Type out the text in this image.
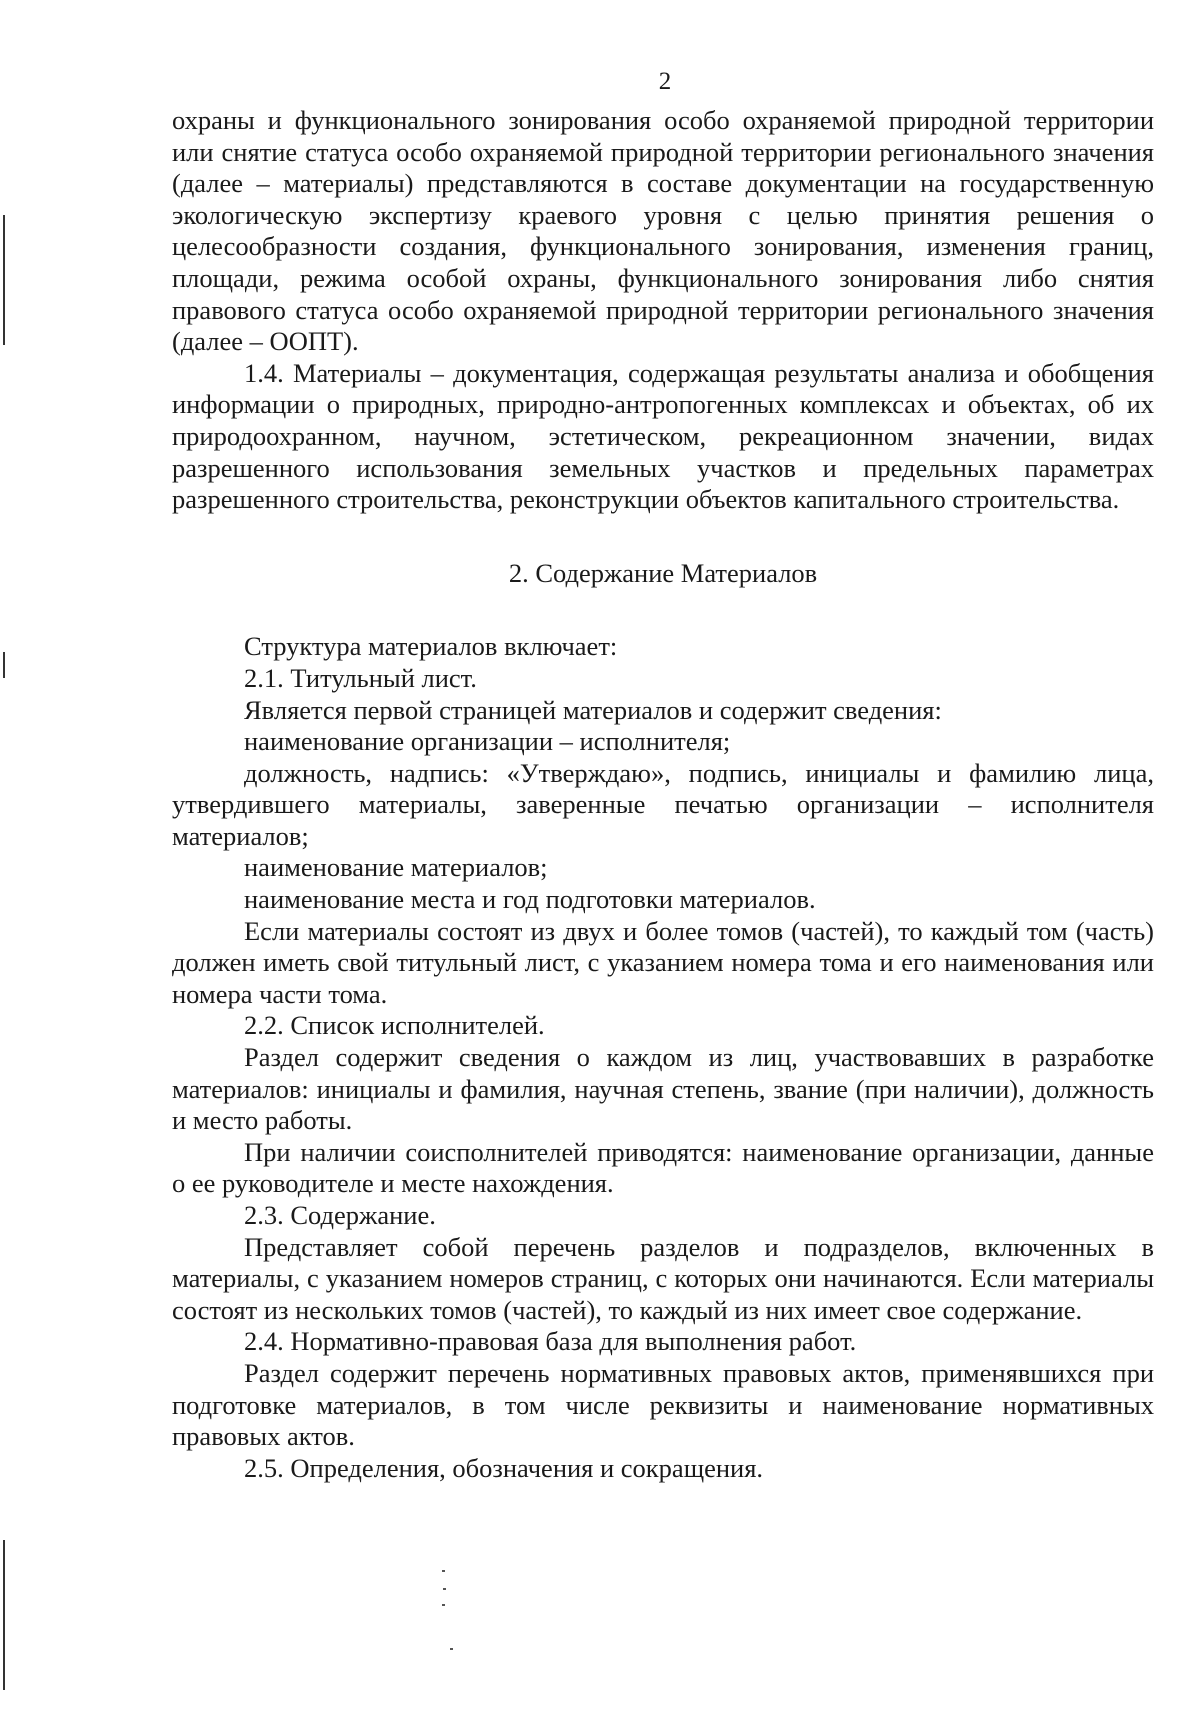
2

охраны и функционального зонирования особо охраняемой природной территории или снятие статуса особо охраняемой природной территории регионального значения (далее – материалы) представляются в составе документации на государственную экологическую экспертизу краевого уровня с целью принятия решения о целесообразности создания, функционального зонирования, изменения границ, площади, режима особой охраны, функционального зонирования либо снятия правового статуса особо охраняемой природной территории регионального значения (далее – ООПТ).

1.4. Материалы – документация, содержащая результаты анализа и обобщения информации о природных, природно-антропогенных комплексах и объектах, об их природоохранном, научном, эстетическом, рекреационном значении, видах разрешенного использования земельных участков и предельных параметрах разрешенного строительства, реконструкции объектов капитального строительства.

2. Содержание Материалов

Структура материалов включает:

2.1. Титульный лист.

Является первой страницей материалов и содержит сведения:

наименование организации – исполнителя;

должность, надпись: «Утверждаю», подпись, инициалы и фамилию лица, утвердившего материалы, заверенные печатью организации – исполнителя материалов;

наименование материалов;

наименование места и год подготовки материалов.

Если материалы состоят из двух и более томов (частей), то каждый том (часть) должен иметь свой титульный лист, с указанием номера тома и его наименования или номера части тома.

2.2. Список исполнителей.

Раздел содержит сведения о каждом из лиц, участвовавших в разработке материалов: инициалы и фамилия, научная степень, звание (при наличии), должность и место работы.

При наличии соисполнителей приводятся: наименование организации, данные о ее руководителе и месте нахождения.

2.3. Содержание.

Представляет собой перечень разделов и подразделов, включенных в материалы, с указанием номеров страниц, с которых они начинаются. Если материалы состоят из нескольких томов (частей), то каждый из них имеет свое содержание.

2.4. Нормативно-правовая база для выполнения работ.

Раздел содержит перечень нормативных правовых актов, применявшихся при подготовке материалов, в том числе реквизиты и наименование нормативных правовых актов.

2.5. Определения, обозначения и сокращения.
